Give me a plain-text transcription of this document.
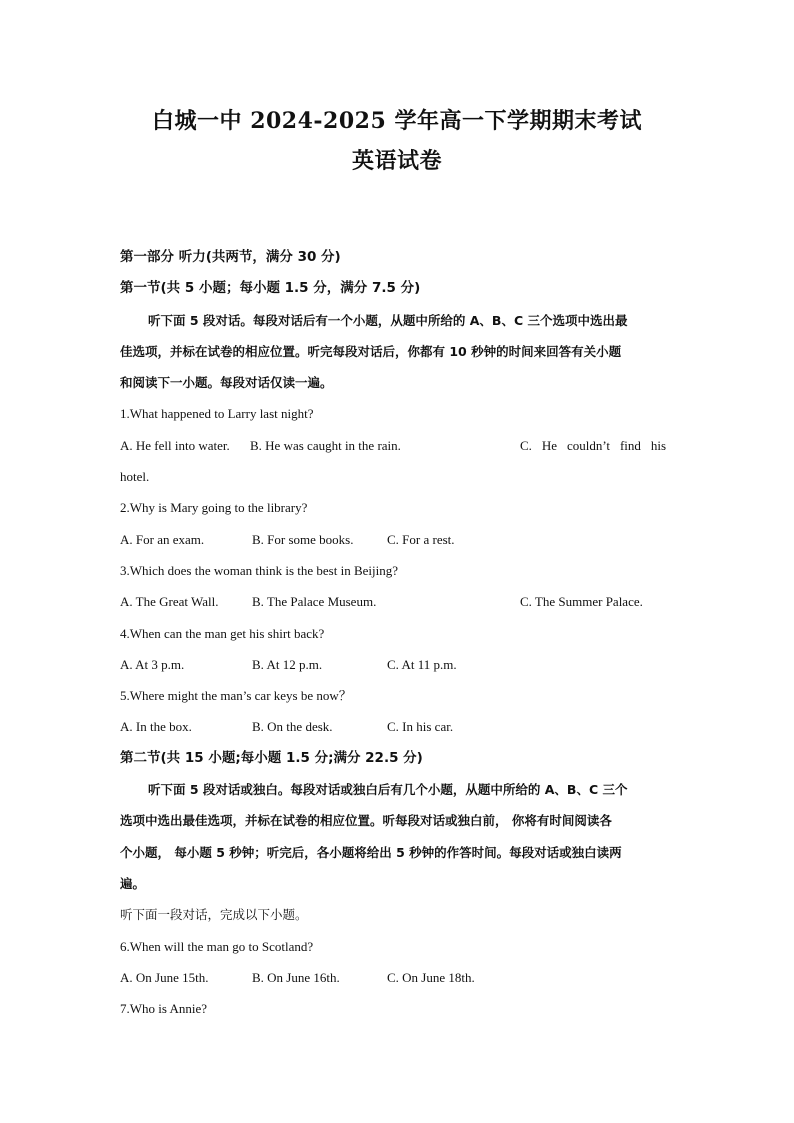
白城一中 2024-2025 学年高一下学期期末考试
英语试卷
第一部分 听力(共两节，满分 30 分)
第一节(共 5 小题；每小题 1.5 分，满分 7.5 分)
听下面 5 段对话。每段对话后有一个小题，从题中所给的 A、B、C 三个选项中选出最
佳选项，并标在试卷的相应位置。听完每段对话后，你都有 10 秒钟的时间来回答有关小题
和阅读下一小题。每段对话仅读一遍。
1.What happened to Larry last night?
A. He fell into water. B. He was caught in the rain.	C. He couldn’t find his
hotel.
2.Why is Mary going to the library?
A. For an exam.	B. For some books.	C. For a rest.
3.Which does the woman think is the best in Beijing?
A. The Great Wall.	B. The Palace Museum.	C. The Summer Palace.
4.When can the man get his shirt back?
A. At 3 p.m.	B. At 12 p.m.	C. At 11 p.m.
5.Where might the man’s car keys be now？
A. In the box.	B. On the desk.	C. In his car.
第二节(共 15 小题;每小题 1.5 分;满分 22.5 分)
听下面 5 段对话或独白。每段对话或独白后有几个小题，从题中所给的 A、B、C 三个
选项中选出最佳选项，并标在试卷的相应位置。听每段对话或独白前， 你将有时间阅读各
个小题， 每小题 5 秒钟；听完后，各小题将给出 5 秒钟的作答时间。每段对话或独白读两
遍。
听下面一段对话，完成以下小题。
6.When will the man go to Scotland?
A. On June 15th.	B. On June 16th.	C. On June 18th.
7.Who is Annie?
